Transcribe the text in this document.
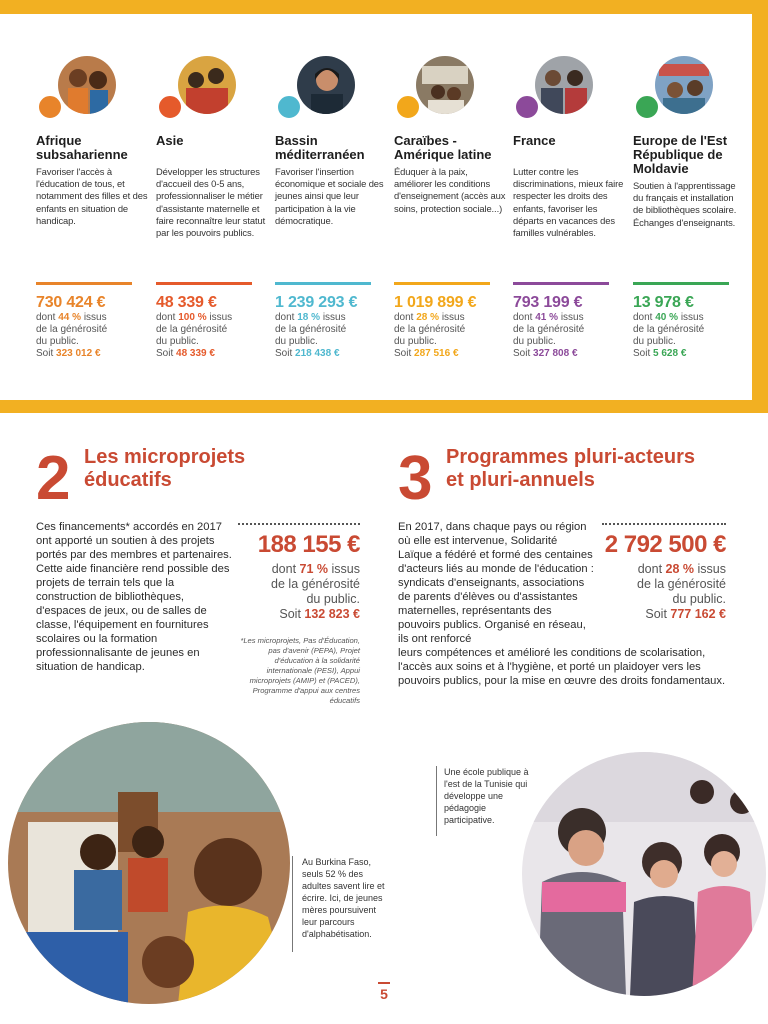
Afrique subsaharienne
Favoriser l'accès à l'éducation de tous, et notamment des filles et des enfants en situation de handicap.
730 424 €
dont 44 % issus
de la générosité
du public.
Soit 323 012 €
Asie
Développer les structures d'accueil des 0-5 ans, professionnaliser le métier d'assistante maternelle et faire reconnaître leur statut par les pouvoirs publics.
48 339 €
dont 100 % issus
de la générosité
du public.
Soit 48 339 €
Bassin méditerranéen
Favoriser l'insertion économique et sociale des jeunes ainsi que leur participation à la vie démocratique.
1 239 293 €
dont 18 % issus
de la générosité
du public.
Soit 218 438 €
Caraïbes - Amérique latine
Éduquer à la paix, améliorer les conditions d'enseignement (accès aux soins, protection sociale...)
1 019 899 €
dont 28 % issus
de la générosité
du public.
Soit 287 516 €
France
Lutter contre les discriminations, mieux faire respecter les droits des enfants, favoriser les départs en vacances des familles vulnérables.
793 199 €
dont 41 % issus
de la générosité
du public.
Soit 327 808 €
Europe de l'Est République de Moldavie
Soutien à l'apprentissage du français et installation de bibliothèques scolaire. Échanges d'enseignants.
13 978 €
dont 40 % issus
de la générosité
du public.
Soit 5 628 €
2 Les microprojets
éducatifs
Ces financements* accordés en 2017 ont apporté un soutien à des projets portés par des membres et partenaires. Cette aide financière rend possible des projets de terrain tels que la construction de bibliothèques, d'espaces de jeux, ou de salles de classe, l'équipement en fournitures scolaires ou la formation professionnalisante de jeunes en situation de handicap.
188 155 €
dont 71 % issus
de la générosité
du public.
Soit 132 823 €
*Les microprojets, Pas d'Éducation, pas d'avenir (PEPA), Projet d'éducation à la solidarité internationale (PESI), Appui microprojets (AMIP) et (PACED), Programme d'appui aux centres éducatifs
3 Programmes pluri-acteurs
et pluri-annuels
En 2017, dans chaque pays ou région où elle est intervenue, Solidarité Laïque a fédéré et formé des centaines d'acteurs liés au monde de l'éducation : syndicats d'enseignants, associations de parents d'élèves ou d'assistantes maternelles, représentants des pouvoirs publics. Organisé en réseau, ils ont renforcé
leurs compétences et amélioré les conditions de scolarisation, l'accès aux soins et à l'hygiène, et porté un plaidoyer vers les pouvoirs publics, pour la mise en œuvre des droits fondamentaux.
2 792 500 €
dont 28 % issus
de la générosité
du public.
Soit 777 162 €
Au Burkina Faso, seuls 52 % des adultes savent lire et écrire. Ici, de jeunes mères poursuivent leur parcours d'alphabétisation.
Une école publique à l'est de la Tunisie qui développe une pédagogie participative.
5
